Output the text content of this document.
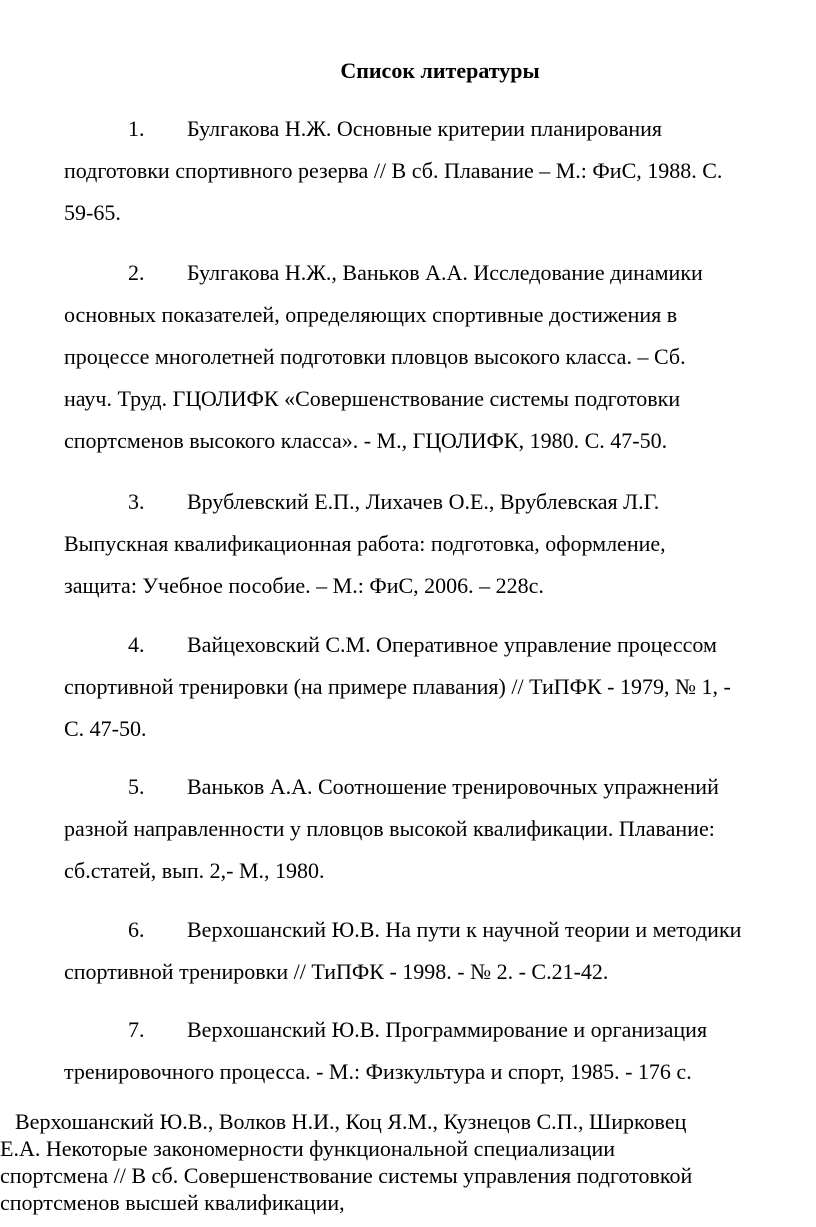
Список литературы
1. Булгакова Н.Ж. Основные критерии планирования
подготовки спортивного резерва // В сб. Плавание – М.: ФиС, 1988. С.
59-65.
2. Булгакова Н.Ж., Ваньков А.А. Исследование динамики
основных показателей, определяющих спортивные достижения в
процессе многолетней подготовки пловцов высокого класса. – Сб.
науч. Труд. ГЦОЛИФК «Совершенствование системы подготовки
спортсменов высокого класса». - М., ГЦОЛИФК, 1980. С. 47-50.
3. Врублевский Е.П., Лихачев О.Е., Врублевская Л.Г.
Выпускная квалификационная работа: подготовка, оформление,
защита: Учебное пособие. – М.: ФиС, 2006. – 228с.
4. Вайцеховский С.М. Оперативное управление процессом
спортивной тренировки (на примере плавания) // ТиПФК - 1979, № 1, -
С. 47-50.
5. Ваньков А.А. Соотношение тренировочных упражнений
разной направленности у пловцов высокой квалификации. Плавание:
сб.статей, вып. 2,- М., 1980.
6. Верхошанский Ю.В. На пути к научной теории и методики
спортивной тренировки // ТиПФК - 1998. - № 2. - С.21-42.
7. Верхошанский Ю.В. Программирование и организация
тренировочного процесса. - М.: Физкультура и спорт, 1985. - 176 с.
Верхошанский Ю.В., Волков Н.И., Коц Я.М., Кузнецов С.П., Ширковец
Е.А. Некоторые закономерности функциональной специализации
спортсмена // В сб. Совершенствование системы управления подготовкой
спортсменов высшей квалификации,
